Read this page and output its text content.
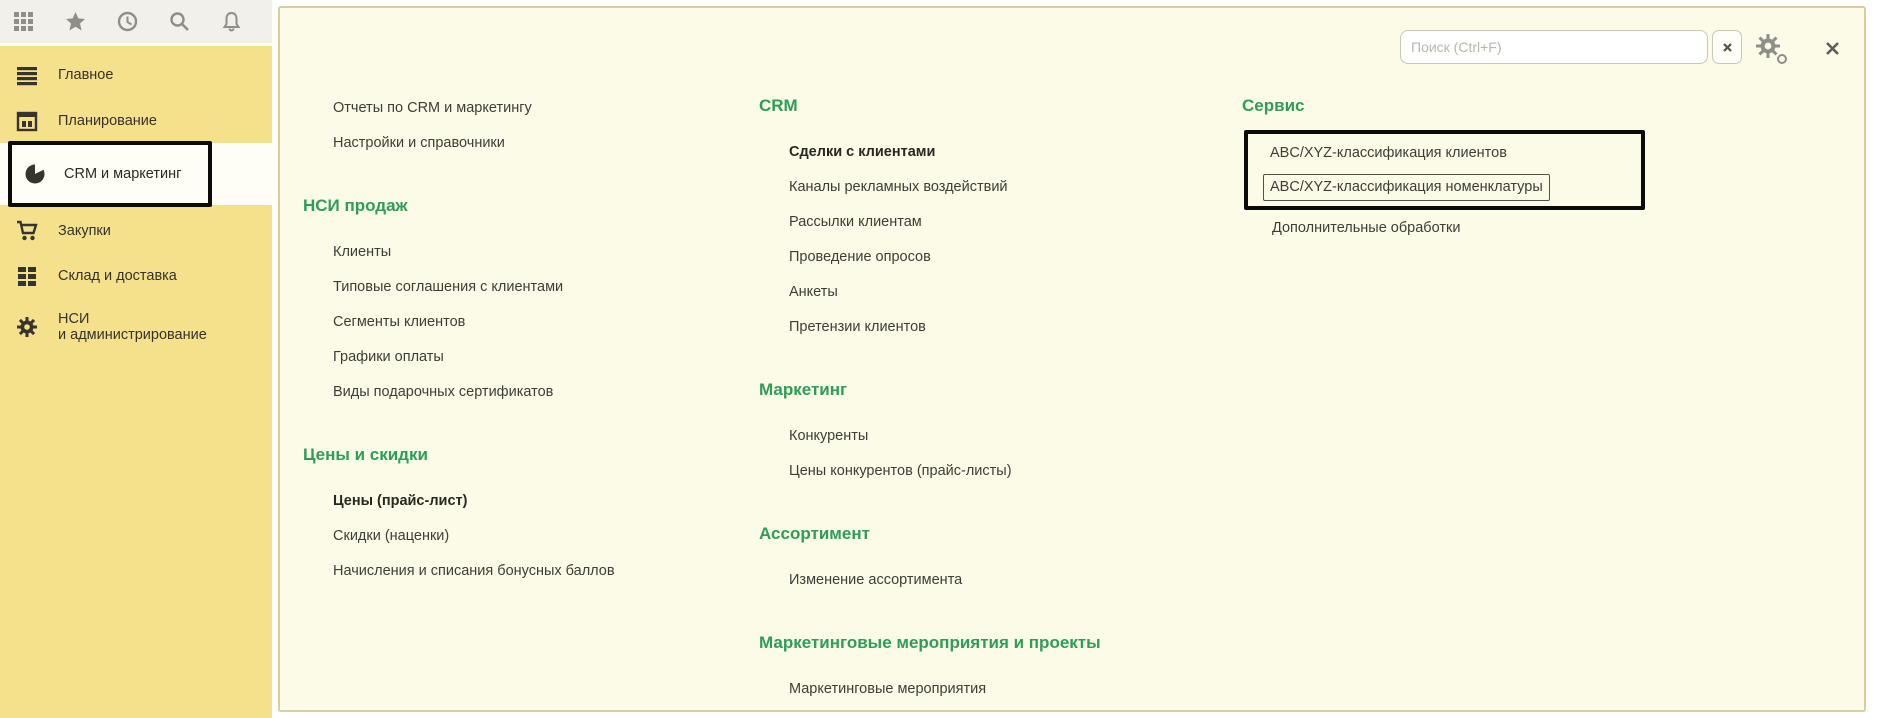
Главное
Планирование
CRM и маркетинг
Закупки
Склад и доставка
НСИ
и администрирование
Поиск (Ctrl+F)
Отчеты по CRM и маркетингу
Настройки и справочники
НСИ продаж
Клиенты
Типовые соглашения с клиентами
Сегменты клиентов
Графики оплаты
Виды подарочных сертификатов
Цены и скидки
Цены (прайс-лист)
Скидки (наценки)
Начисления и списания бонусных баллов
CRM
Сделки с клиентами
Каналы рекламных воздействий
Рассылки клиентам
Проведение опросов
Анкеты
Претензии клиентов
Маркетинг
Конкуренты
Цены конкурентов (прайс-листы)
Ассортимент
Изменение ассортимента
Маркетинговые мероприятия и проекты
Маркетинговые мероприятия
Сервис
ABC/XYZ-классификация клиентов
ABC/XYZ-классификация номенклатуры
Дополнительные обработки
